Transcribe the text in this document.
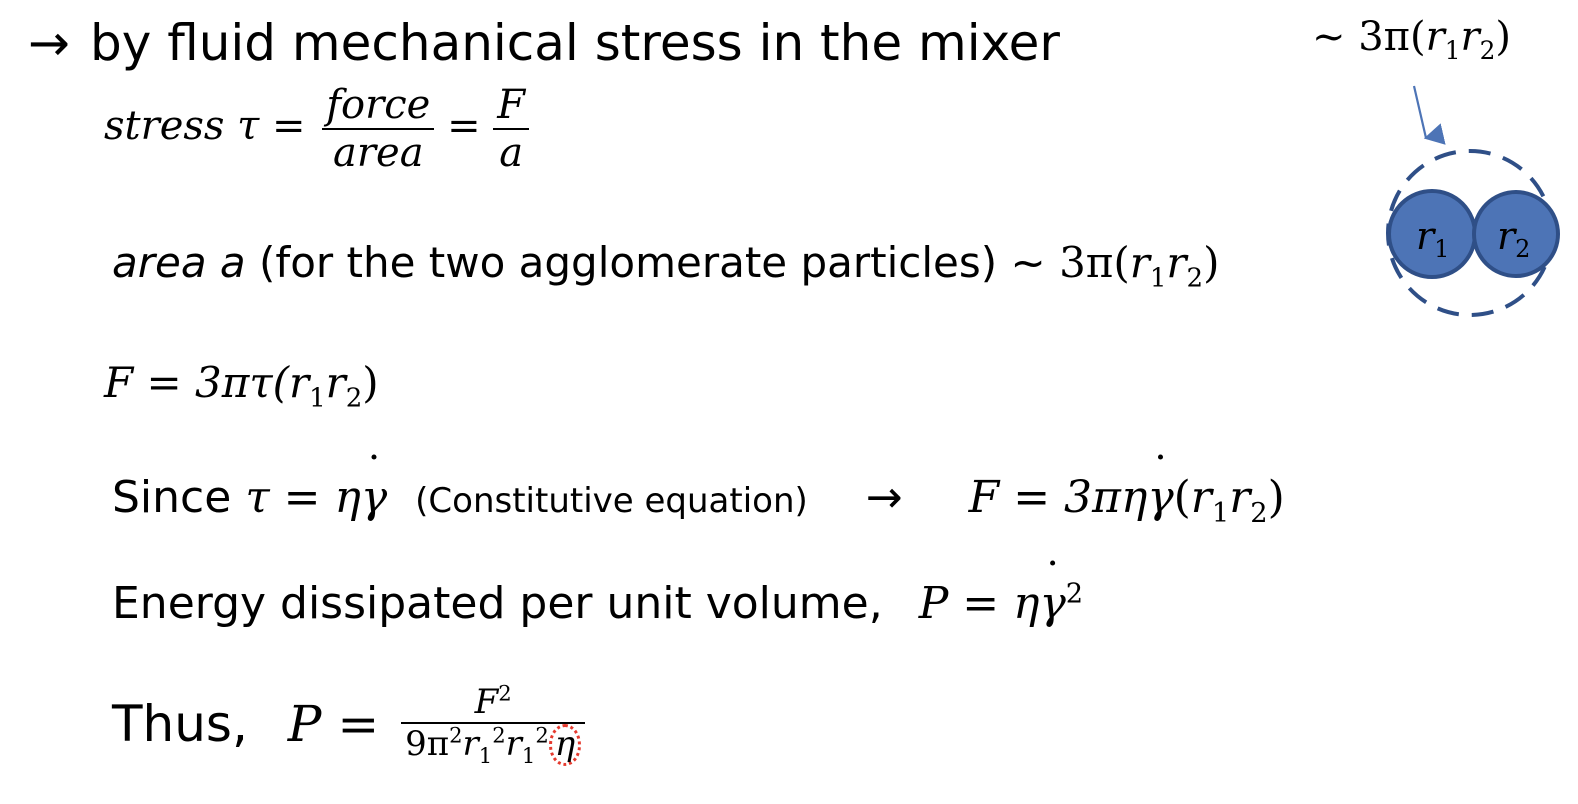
→ by fluid mechanical stress in the mixer	~ $3\pi(r_1r_2)$
$r_1$ $r_2$
stress $\tau = \frac{\text{force}}{\text{area}} = \frac{F}{a}$
area a (for the two agglomerate particles) ~ $3\pi(r_1r_2)$
$F = 3\pi\tau(r_1r_2)$
Since τ = η˙ γ (Constitutive equation) → F = 3πη˙ $\gamma(r_1r_2)$
Energy dissipated per unit volume, P = η˙ $\gamma^2$
Thus, $P = \frac{F^2}{9\pi^2r_1^2r_1^2 \eta}$
